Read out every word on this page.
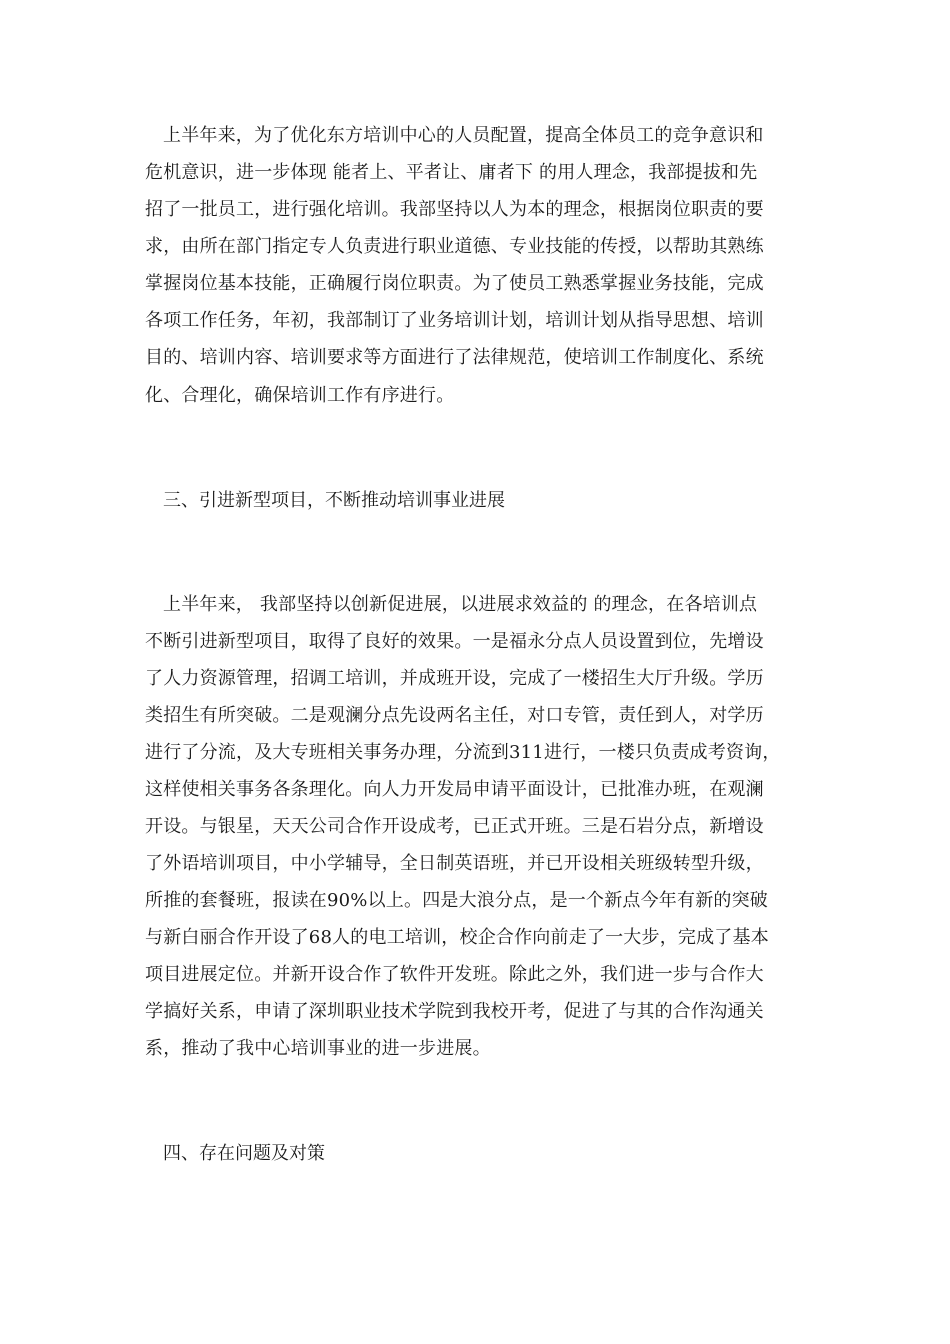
上半年来，为了优化东方培训中心的人员配置，提高全体员工的竞争意识和
危机意识，进一步体现 能者上、平者让、庸者下 的用人理念，我部提拔和先
招了一批员工，进行强化培训。我部坚持以人为本的理念，根据岗位职责的要
求，由所在部门指定专人负责进行职业道德、专业技能的传授，以帮助其熟练
掌握岗位基本技能，正确履行岗位职责。为了使员工熟悉掌握业务技能，完成
各项工作任务，年初，我部制订了业务培训计划，培训计划从指导思想、培训
目的、培训内容、培训要求等方面进行了法律规范，使培训工作制度化、系统
化、合理化，确保培训工作有序进行。
三、引进新型项目，不断推动培训事业进展
上半年来， 我部坚持以创新促进展，以进展求效益的 的理念，在各培训点
不断引进新型项目，取得了良好的效果。一是福永分点人员设置到位，先增设
了人力资源管理，招调工培训，并成班开设，完成了一楼招生大厅升级。学历
类招生有所突破。二是观澜分点先设两名主任，对口专管，责任到人，对学历
进行了分流，及大专班相关事务办理，分流到311进行，一楼只负责成考资询，
这样使相关事务各条理化。向人力开发局申请平面设计，已批准办班，在观澜
开设。与银星，天天公司合作开设成考，已正式开班。三是石岩分点，新增设
了外语培训项目，中小学辅导，全日制英语班，并已开设相关班级转型升级，
所推的套餐班，报读在90%以上。四是大浪分点，是一个新点今年有新的突破
与新白丽合作开设了68人的电工培训，校企合作向前走了一大步，完成了基本
项目进展定位。并新开设合作了软件开发班。除此之外，我们进一步与合作大
学搞好关系，申请了深圳职业技术学院到我校开考，促进了与其的合作沟通关
系，推动了我中心培训事业的进一步进展。
四、存在问题及对策
